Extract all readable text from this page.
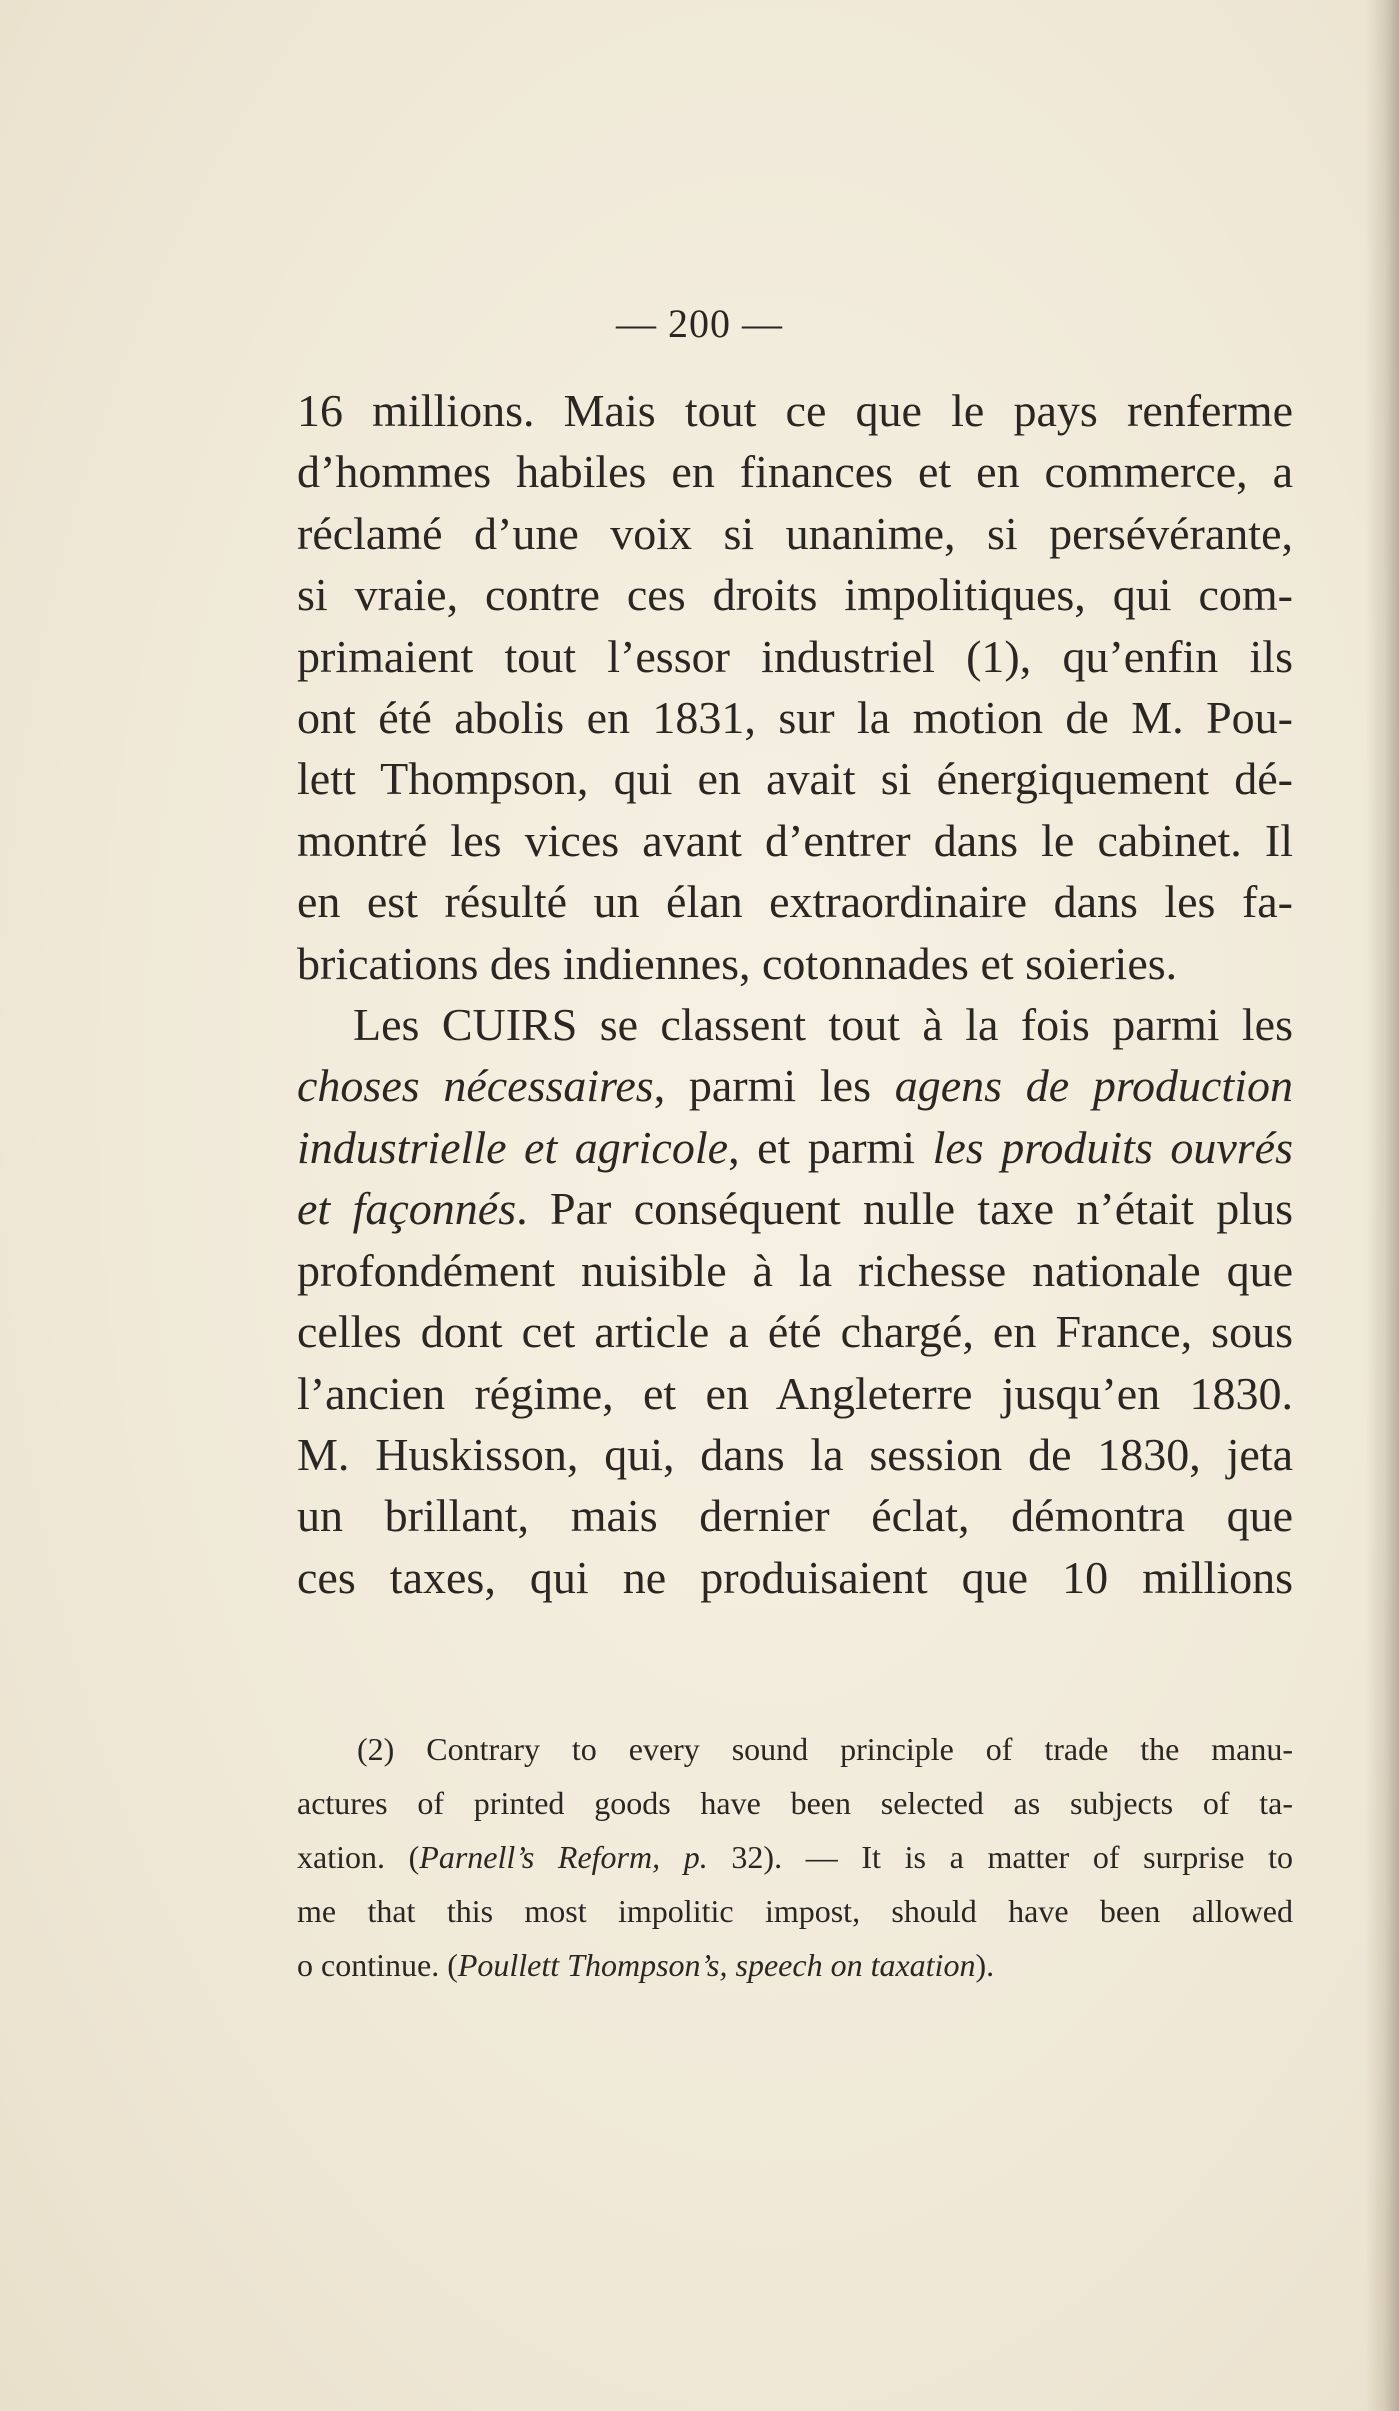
— 200 —
16 millions. Mais tout ce que le pays renferme
d’hommes habiles en finances et en commerce, a
réclamé d’une voix si unanime, si persévérante,
si vraie, contre ces droits impolitiques, qui com-
primaient tout l’essor industriel (1), qu’enfin ils
ont été abolis en 1831, sur la motion de M. Pou-
lett Thompson, qui en avait si énergiquement dé-
montré les vices avant d’entrer dans le cabinet. Il
en est résulté un élan extraordinaire dans les fa-
brications des indiennes, cotonnades et soieries.
Les CUIRS se classent tout à la fois parmi les
choses nécessaires, parmi les agens de production
industrielle et agricole, et parmi les produits ouvrés
et façonnés. Par conséquent nulle taxe n’était plus
profondément nuisible à la richesse nationale que
celles dont cet article a été chargé, en France, sous
l’ancien régime, et en Angleterre jusqu’en 1830.
M. Huskisson, qui, dans la session de 1830, jeta
un brillant, mais dernier éclat, démontra que
ces taxes, qui ne produisaient que 10 millions
(2) Contrary to every sound principle of trade the manu-
actures of printed goods have been selected as subjects of ta-
xation. (Parnell’s Reform, p. 32). — It is a matter of surprise to
me that this most impolitic impost, should have been allowed
o continue. (Poullett Thompson’s, speech on taxation).
